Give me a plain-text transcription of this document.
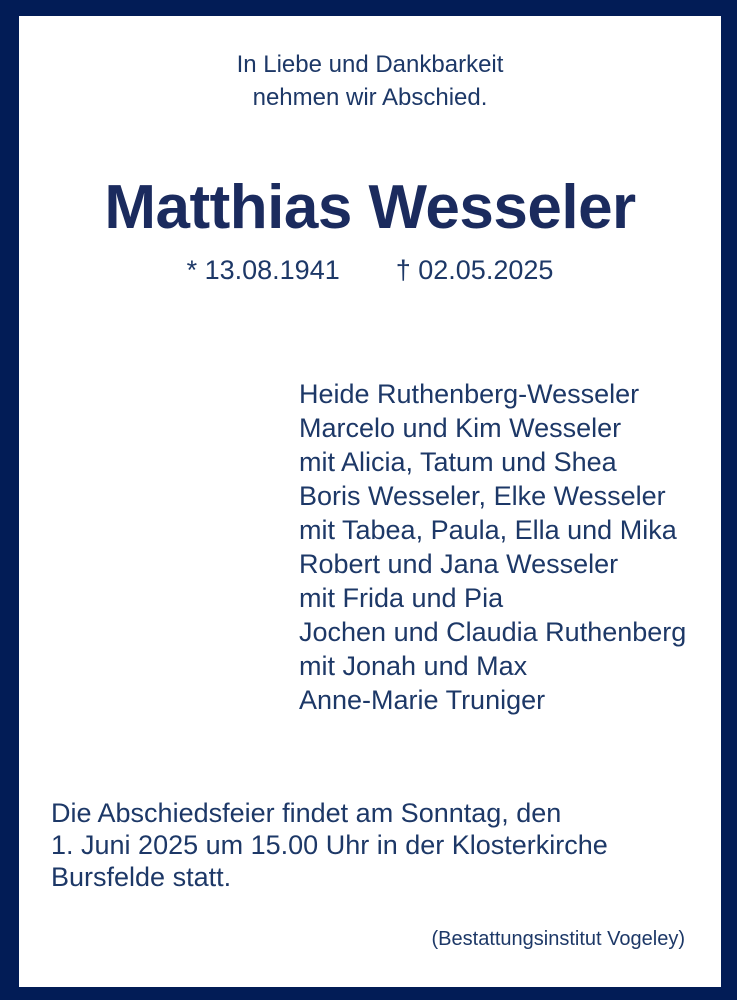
In Liebe und Dankbarkeit
nehmen wir Abschied.
Matthias Wesseler
* 13.08.1941 † 02.05.2025
Heide Ruthenberg-Wesseler
Marcelo und Kim Wesseler
mit Alicia, Tatum und Shea
Boris Wesseler, Elke Wesseler
mit Tabea, Paula, Ella und Mika
Robert und Jana Wesseler
mit Frida und Pia
Jochen und Claudia Ruthenberg
mit Jonah und Max
Anne-Marie Truniger
Die Abschiedsfeier findet am Sonntag, den
1. Juni 2025 um 15.00 Uhr in der Klosterkirche
Bursfelde statt.
(Bestattungsinstitut Vogeley)
